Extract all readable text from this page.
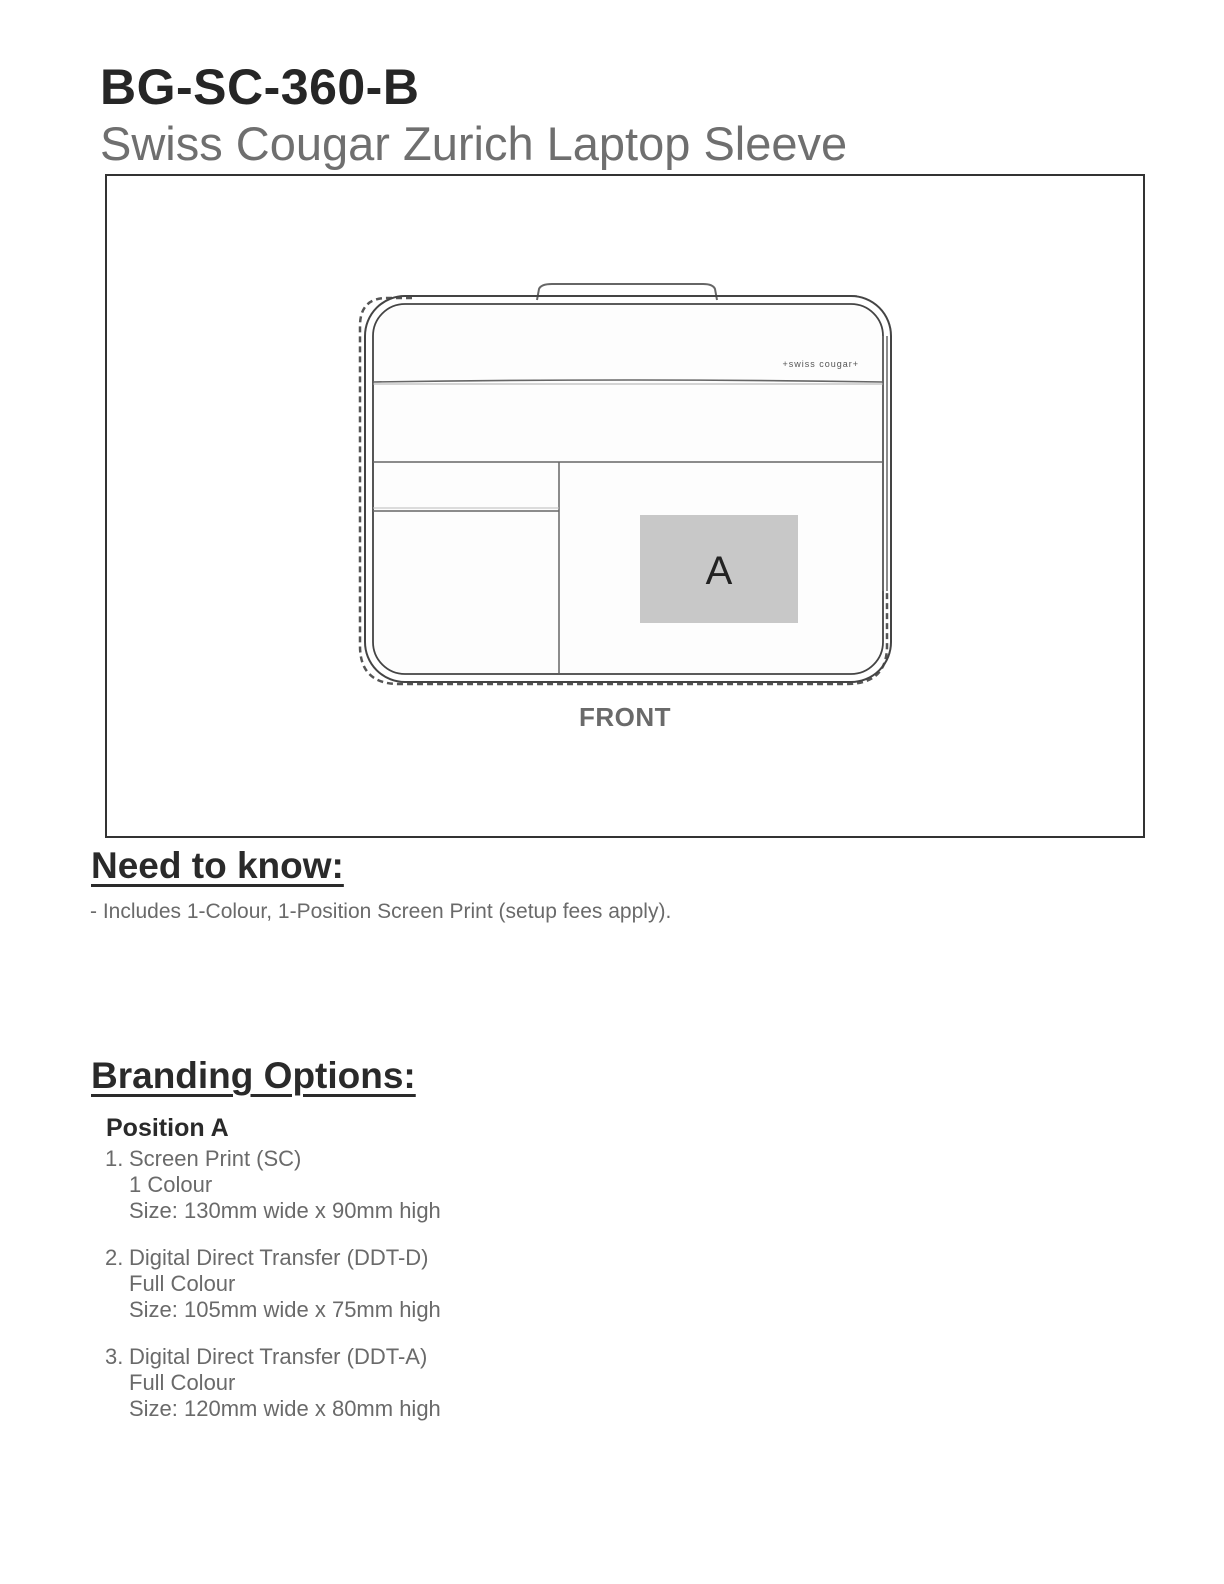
BG-SC-360-B
Swiss Cougar Zurich Laptop Sleeve
+swiss cougar+
A
FRONT
Need to know:
- Includes 1-Colour, 1-Position Screen Print (setup fees apply).
Branding Options:
Position A
1. Screen Print (SC)
1 Colour
Size: 130mm wide x 90mm high
2. Digital Direct Transfer (DDT-D)
Full Colour
Size: 105mm wide x 75mm high
3. Digital Direct Transfer (DDT-A)
Full Colour
Size: 120mm wide x 80mm high
